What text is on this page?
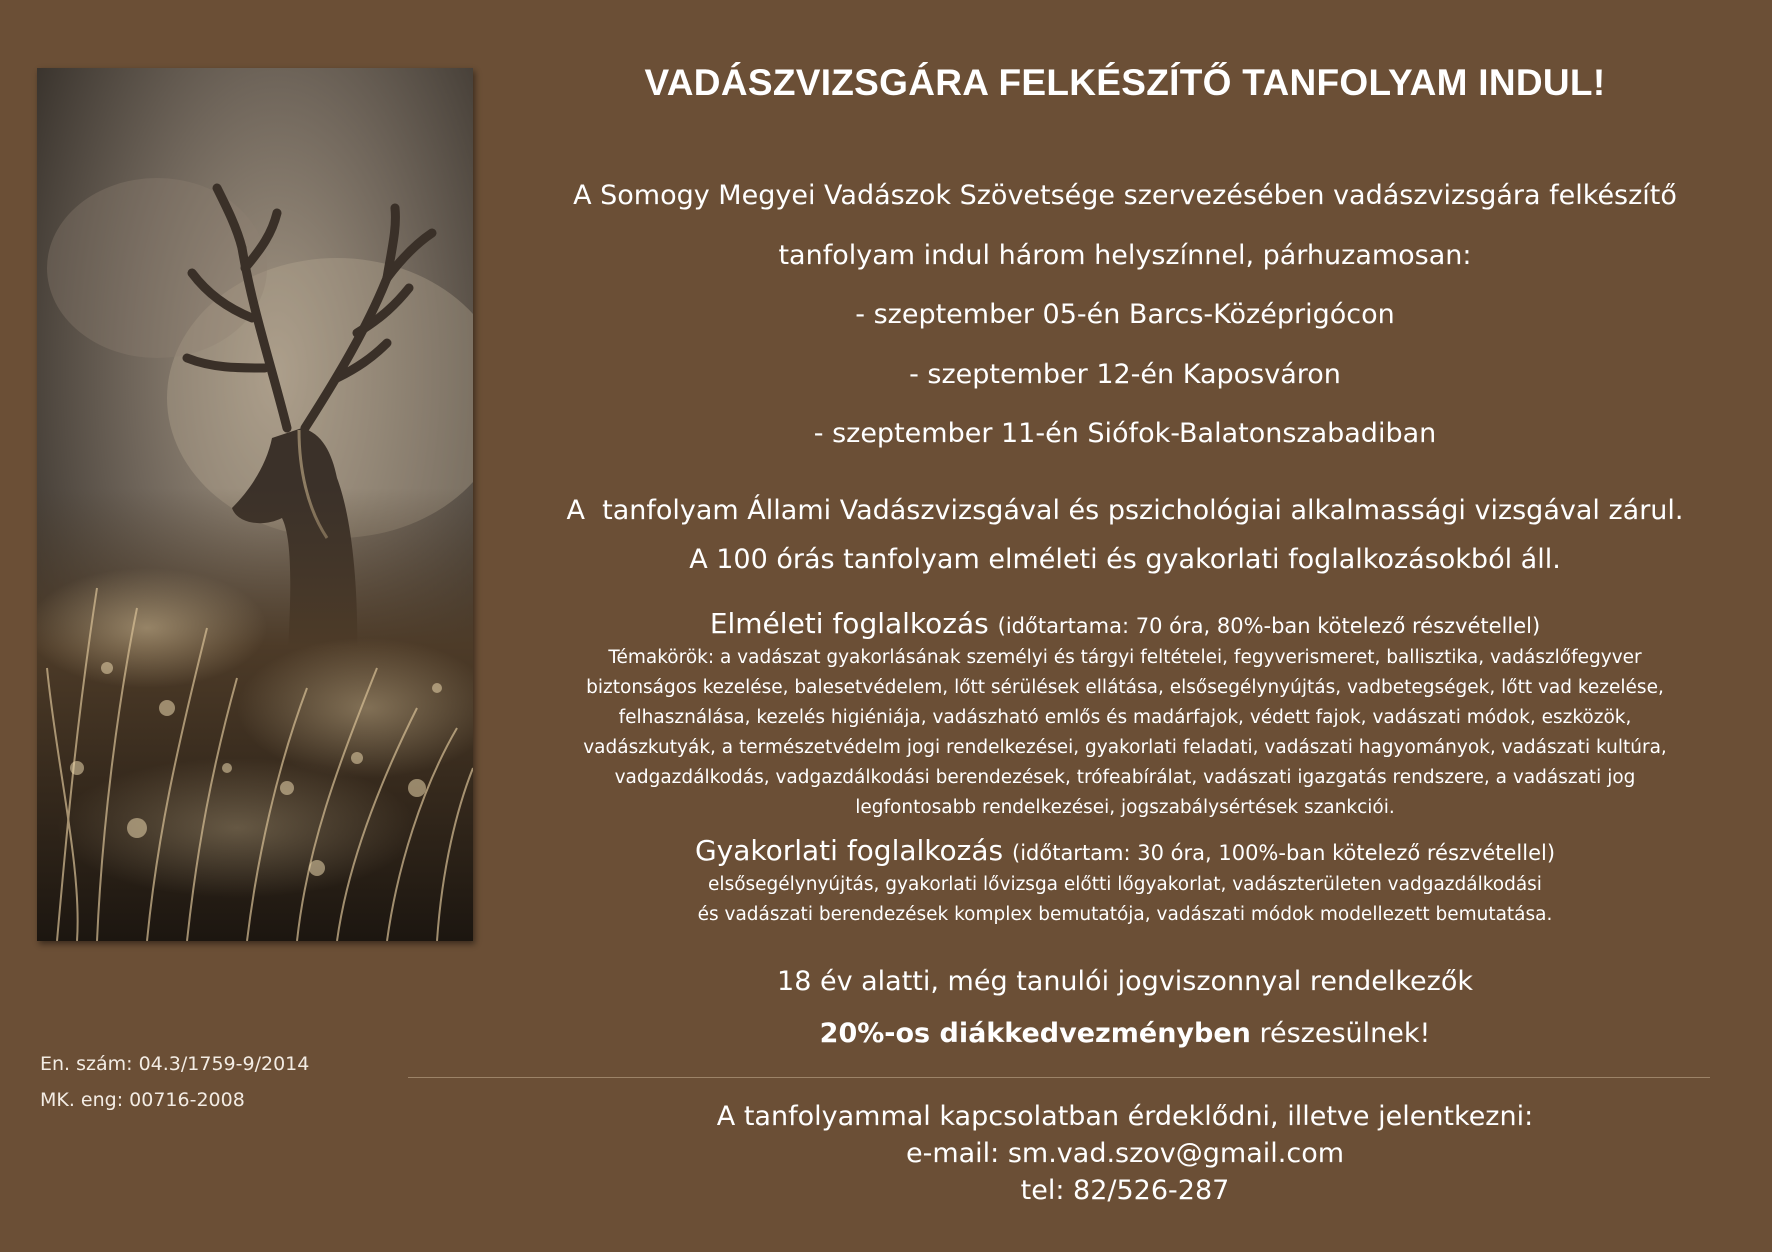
En. szám: 04.3/1759-9/2014
MK. eng: 00716-2008
VADÁSZVIZSGÁRA FELKÉSZÍTŐ TANFOLYAM INDUL!
A Somogy Megyei Vadászok Szövetsége szervezésében vadászvizsgára felkészítő
tanfolyam indul három helyszínnel, párhuzamosan:
- szeptember 05-én Barcs-Középrigócon
- szeptember 12-én Kaposváron
- szeptember 11-én Siófok-Balatonszabadiban
A  tanfolyam Állami Vadászvizsgával és pszichológiai alkalmassági vizsgával zárul.
A 100 órás tanfolyam elméleti és gyakorlati foglalkozásokból áll.
Elméleti foglalkozás (időtartama: 70 óra, 80%-ban kötelező részvétellel)
Témakörök: a vadászat gyakorlásának személyi és tárgyi feltételei, fegyverismeret, ballisztika, vadászlőfegyver
biztonságos kezelése, balesetvédelem, lőtt sérülések ellátása, elsősegélynyújtás, vadbetegségek, lőtt vad kezelése,
felhasználása, kezelés higiéniája, vadászható emlős és madárfajok, védett fajok, vadászati módok, eszközök,
vadászkutyák, a természetvédelm jogi rendelkezései, gyakorlati feladati, vadászati hagyományok, vadászati kultúra,
vadgazdálkodás, vadgazdálkodási berendezések, trófeabírálat, vadászati igazgatás rendszere, a vadászati jog
legfontosabb rendelkezései, jogszabálysértések szankciói.
Gyakorlati foglalkozás (időtartam: 30 óra, 100%-ban kötelező részvétellel)
elsősegélynyújtás, gyakorlati lővizsga előtti lőgyakorlat, vadászterületen vadgazdálkodási
és vadászati berendezések komplex bemutatója, vadászati módok modellezett bemutatása.
18 év alatti, még tanulói jogviszonnyal rendelkezők
20%-os diákkedvezményben részesülnek!
A tanfolyammal kapcsolatban érdeklődni, illetve jelentkezni:
e-mail: sm.vad.szov@gmail.com
tel: 82/526-287
